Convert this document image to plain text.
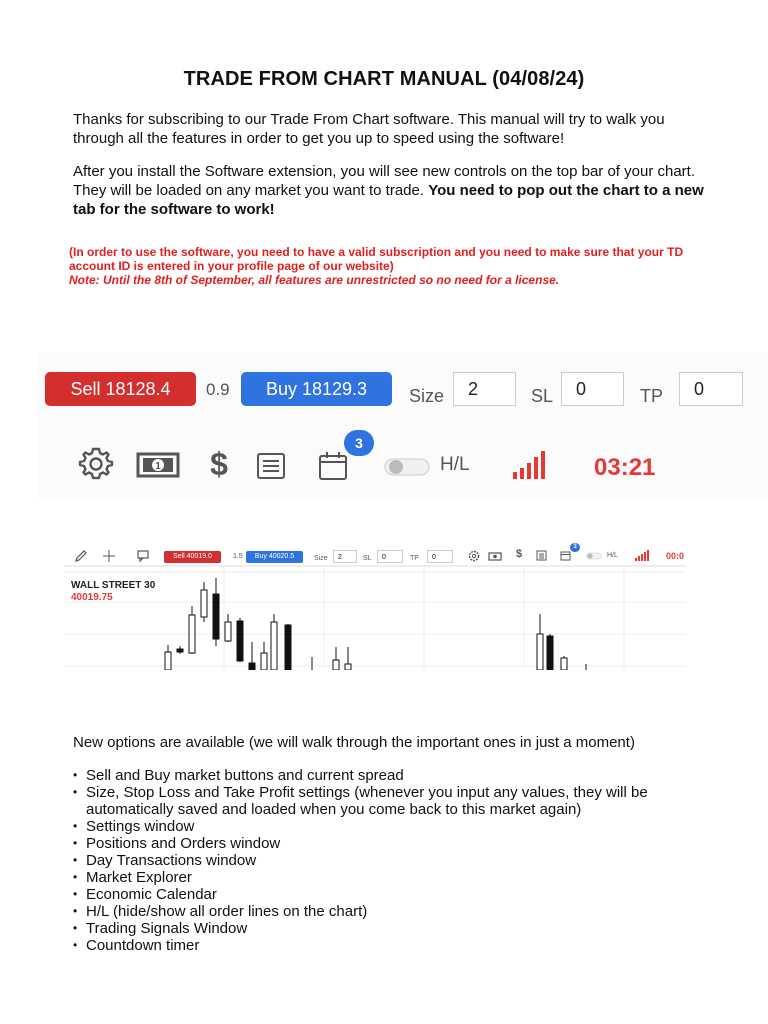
TRADE FROM CHART MANUAL (04/08/24)
Thanks for subscribing to our Trade From Chart software. This manual will try to walk you through all the features in order to get you up to speed using the software!
After you install the Software extension, you will see new controls on the top bar of your chart. They will be loaded on any market you want to trade. You need to pop out the chart to a new tab for the software to work!
(In order to use the software, you need to have a valid subscription and you need to make sure that your TD account ID is entered in your profile page of our website)
Note: Until the 8th of September, all features are unrestricted so no need for a license.
Sell 18128.4	0.9	Buy 18129.3	Size	2	SL	0	TP	0
1 $
3
H/L	03:21
Sell 40019.0	1.5	Buy 40020.5	Size	2	SL	0	TP	0	$
3
H/L	00:0
WALL STREET 30
40019.75
New options are available (we will walk through the important ones in just a moment)
• Sell and Buy market buttons and current spread
• Size, Stop Loss and Take Profit settings (whenever you input any values, they will be automatically saved and loaded when you come back to this market again)
• Settings window
• Positions and Orders window
• Day Transactions window
• Market Explorer
• Economic Calendar
• H/L (hide/show all order lines on the chart)
• Trading Signals Window
• Countdown timer
